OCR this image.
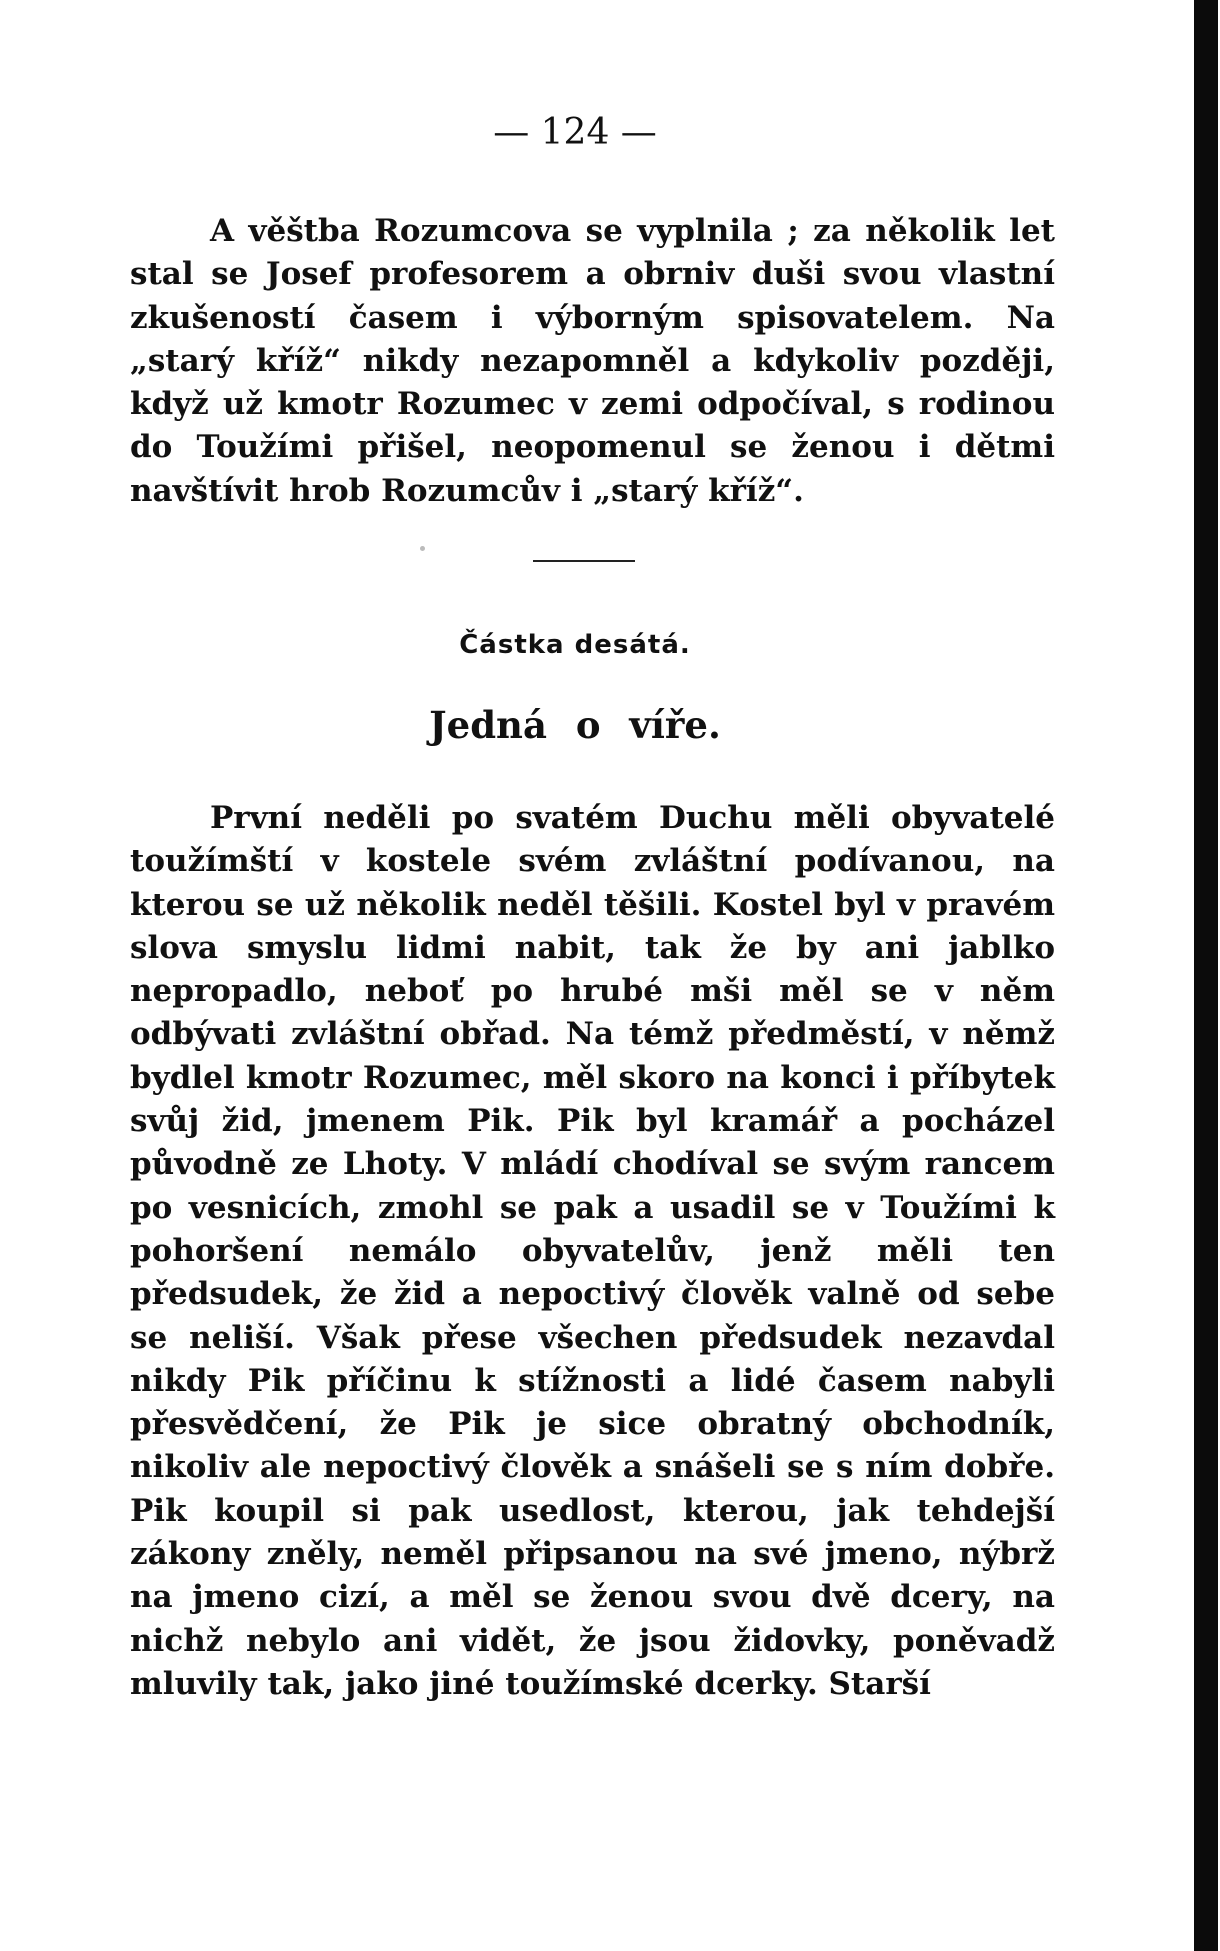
— 124 —

A věštba Rozumcova se vyplnila ; za několik let stal se Josef profesorem a obrniv duši svou vlastní zkušeností časem i výborným spisovatelem. Na „starý kříž“ nikdy nezapomněl a kdykoliv později, když už kmotr Rozumec v zemi odpočíval, s rodinou do Toužími přišel, neopomenul se ženou i dětmi navštívit hrob Rozumcův i „starý kříž“.

Částka desátá.
Jedná o víře.

První neděli po svatém Duchu měli obyvatelé toužímští v kostele svém zvláštní podívanou, na kterou se už několik neděl těšili. Kostel byl v pravém slova smyslu lidmi nabit, tak že by ani jablko nepropadlo, neboť po hrubé mši měl se v něm odbývati zvláštní obřad. Na témž předměstí, v němž bydlel kmotr Rozumec, měl skoro na konci i příbytek svůj žid, jmenem Pik. Pik byl kramář a pocházel původně ze Lhoty. V mládí chodíval se svým rancem po vesnicích, zmohl se pak a usadil se v Toužími k pohoršení nemálo obyvatelův, jenž měli ten předsudek, že žid a nepoctivý člověk valně od sebe se neliší. Však přese všechen předsudek nezavdal nikdy Pik příčinu k stížnosti a lidé časem nabyli přesvědčení, že Pik je sice obratný obchodník, nikoliv ale nepoctivý člověk a snášeli se s ním dobře. Pik koupil si pak usedlost, kterou, jak tehdejší zákony zněly, neměl připsanou na své jmeno, nýbrž na jmeno cizí, a měl se ženou svou dvě dcery, na nichž nebylo ani vidět, že jsou židovky, poněvadž mluvily tak, jako jiné toužímské dcerky. Starší
